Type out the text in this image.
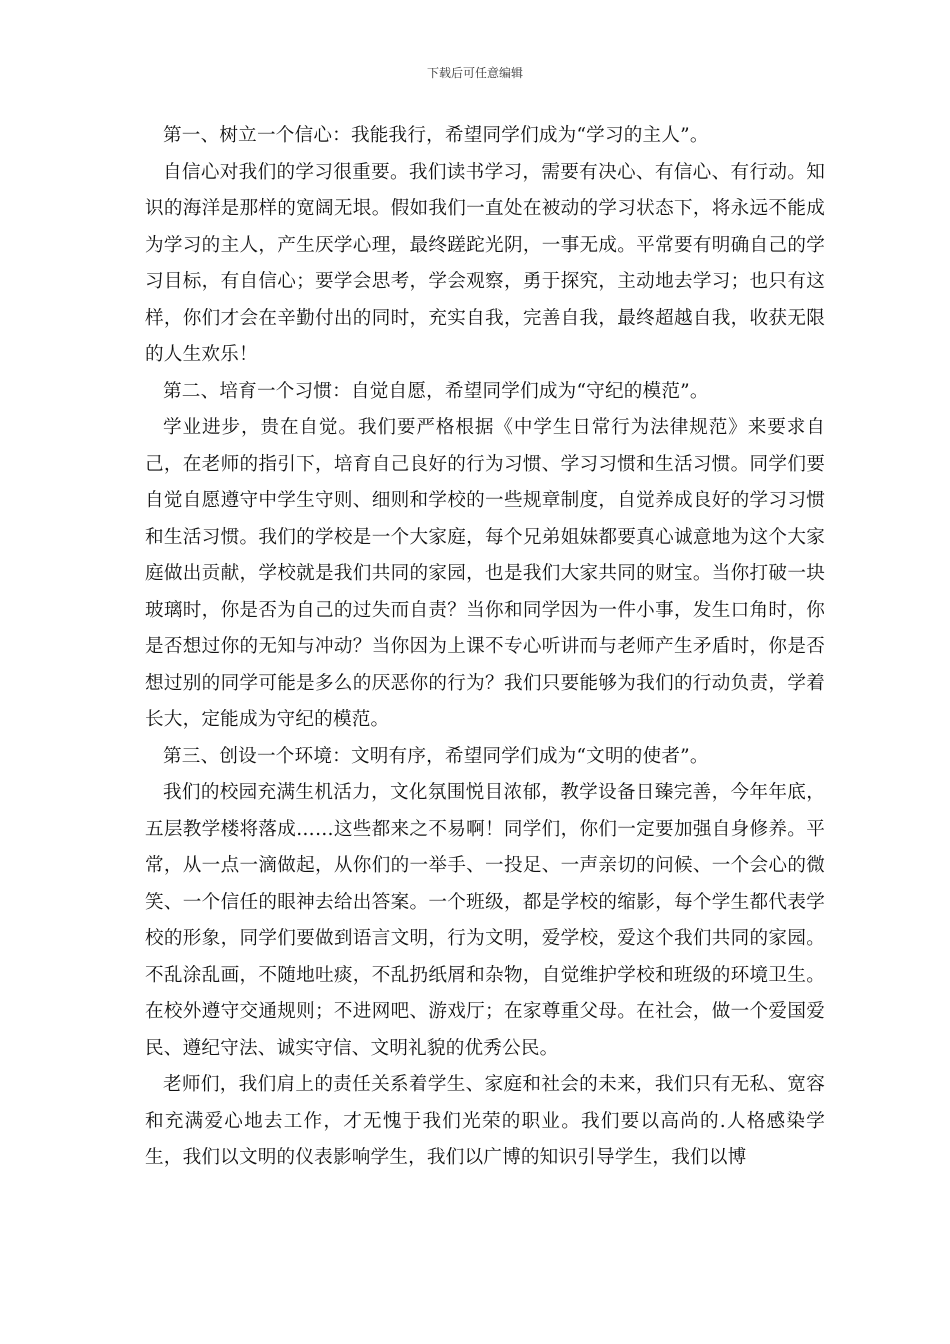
下载后可任意编辑

第一、树立一个信心：我能我行，希望同学们成为“学习的主人”。

自信心对我们的学习很重要。我们读书学习，需要有决心、有信心、有行动。知识的海洋是那样的宽阔无垠。假如我们一直处在被动的学习状态下，将永远不能成为学习的主人，产生厌学心理，最终蹉跎光阴，一事无成。平常要有明确自己的学习目标，有自信心；要学会思考，学会观察，勇于探究，主动地去学习；也只有这样，你们才会在辛勤付出的同时，充实自我，完善自我，最终超越自我，收获无限的人生欢乐！

第二、培育一个习惯：自觉自愿，希望同学们成为“守纪的模范”。

学业进步，贵在自觉。我们要严格根据《中学生日常行为法律规范》来要求自己，在老师的指引下，培育自己良好的行为习惯、学习习惯和生活习惯。同学们要自觉自愿遵守中学生守则、细则和学校的一些规章制度，自觉养成良好的学习习惯和生活习惯。我们的学校是一个大家庭，每个兄弟姐妹都要真心诚意地为这个大家庭做出贡献，学校就是我们共同的家园，也是我们大家共同的财宝。当你打破一块玻璃时，你是否为自己的过失而自责？当你和同学因为一件小事，发生口角时，你是否想过你的无知与冲动？当你因为上课不专心听讲而与老师产生矛盾时，你是否想过别的同学可能是多么的厌恶你的行为？我们只要能够为我们的行动负责，学着长大，定能成为守纪的模范。

第三、创设一个环境：文明有序，希望同学们成为“文明的使者”。

我们的校园充满生机活力，文化氛围悦目浓郁，教学设备日臻完善，今年年底，五层教学楼将落成……这些都来之不易啊！同学们，你们一定要加强自身修养。平常，从一点一滴做起，从你们的一举手、一投足、一声亲切的问候、一个会心的微笑、一个信任的眼神去给出答案。一个班级，都是学校的缩影，每个学生都代表学校的形象，同学们要做到语言文明，行为文明，爱学校，爱这个我们共同的家园。不乱涂乱画，不随地吐痰，不乱扔纸屑和杂物，自觉维护学校和班级的环境卫生。在校外遵守交通规则；不进网吧、游戏厅；在家尊重父母。在社会，做一个爱国爱民、遵纪守法、诚实守信、文明礼貌的优秀公民。

老师们，我们肩上的责任关系着学生、家庭和社会的未来，我们只有无私、宽容和充满爱心地去工作，才无愧于我们光荣的职业。我们要以高尚的.人格感染学生，我们以文明的仪表影响学生，我们以广博的知识引导学生，我们以博
